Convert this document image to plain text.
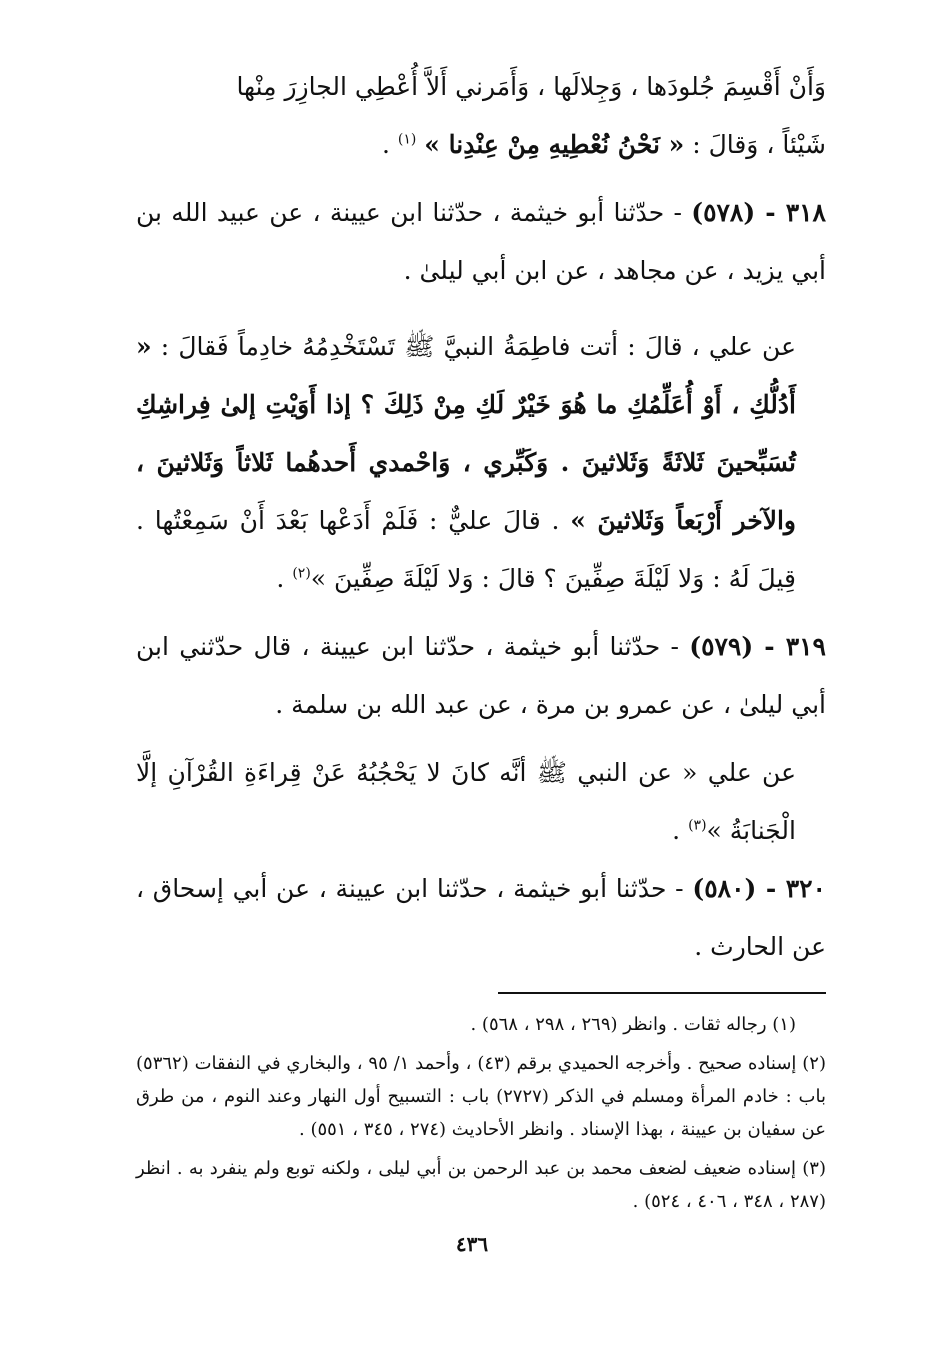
وَأَنْ أَقْسِمَ جُلودَها ، وَجِلالَها ، وَأَمَرني أَلاَّ أُعْطِي الجازِرَ مِنْها
شَيْئاً ، وَقالَ : « نَحْنُ نُعْطِيهِ مِنْ عِنْدِنا » $^{(١)}$ .

٣١٨ - (٥٧٨) - حدّثنا أبو خيثمة ، حدّثنا ابن عيينة ، عن عبيد الله بن أبي يزيد ، عن مجاهد ، عن ابن أبي ليلىٰ .

عن علي ، قالَ : أتت فاطِمَةُ النبيَّ ﷺ تَسْتَخْدِمُهُ خادِماً فَقالَ : « أَدُلُّكِ ، أَوْ أُعَلِّمُكِ ما هُوَ خَيْرٌ لَكِ مِنْ ذَلِكَ ؟ إذا أَوَيْتِ إلىٰ فِراشِكِ تُسَبِّحينَ ثَلاثَةً وَثَلاثينَ . وَكَبِّري ، وَاحْمدي أَحدهُما ثَلاثاً وَثَلاثينَ ، والآخر أَرْبَعاً وَثَلاثينَ » . قالَ عليٌّ : فَلَمْ أَدَعْها بَعْدَ أَنْ سَمِعْتُها . قِيلَ لَهُ : وَلا لَيْلَةَ صِفِّينَ ؟ قالَ : وَلا لَيْلَةَ صِفِّينَ »$^{(٢)}$ .

٣١٩ - (٥٧٩) - حدّثنا أبو خيثمة ، حدّثنا ابن عيينة ، قال حدّثني ابن أبي ليلىٰ ، عن عمرو بن مرة ، عن عبد الله بن سلمة .

عن علي « عن النبي ﷺ أنَّه كانَ لا يَحْجُبُهُ عَنْ قِراءَةِ القُرْآنِ إلَّا الْجَنابَةُ »$^{(٣)}$ .

٣٢٠ - (٥٨٠) - حدّثنا أبو خيثمة ، حدّثنا ابن عيينة ، عن أبي إسحاق ، عن الحارث .

(١) رجاله ثقات . وانظر (٢٦٩ ، ٢٩٨ ، ٥٦٨) .

(٢) إسناده صحيح . وأخرجه الحميدي برقم (٤٣) ، وأحمد ١/ ٩٥ ، والبخاري في النفقات (٥٣٦٢) باب : خادم المرأة ومسلم في الذكر (٢٧٢٧) باب : التسبيح أول النهار وعند النوم ، من طرق عن سفيان بن عيينة ، بهذا الإسناد . وانظر الأحاديث (٢٧٤ ، ٣٤٥ ، ٥٥١) .

(٣) إسناده ضعيف لضعف محمد بن عبد الرحمن بن أبي ليلى ، ولكنه توبع ولم ينفرد به . انظر (٢٨٧ ، ٣٤٨ ، ٤٠٦ ، ٥٢٤) .

٤٣٦
